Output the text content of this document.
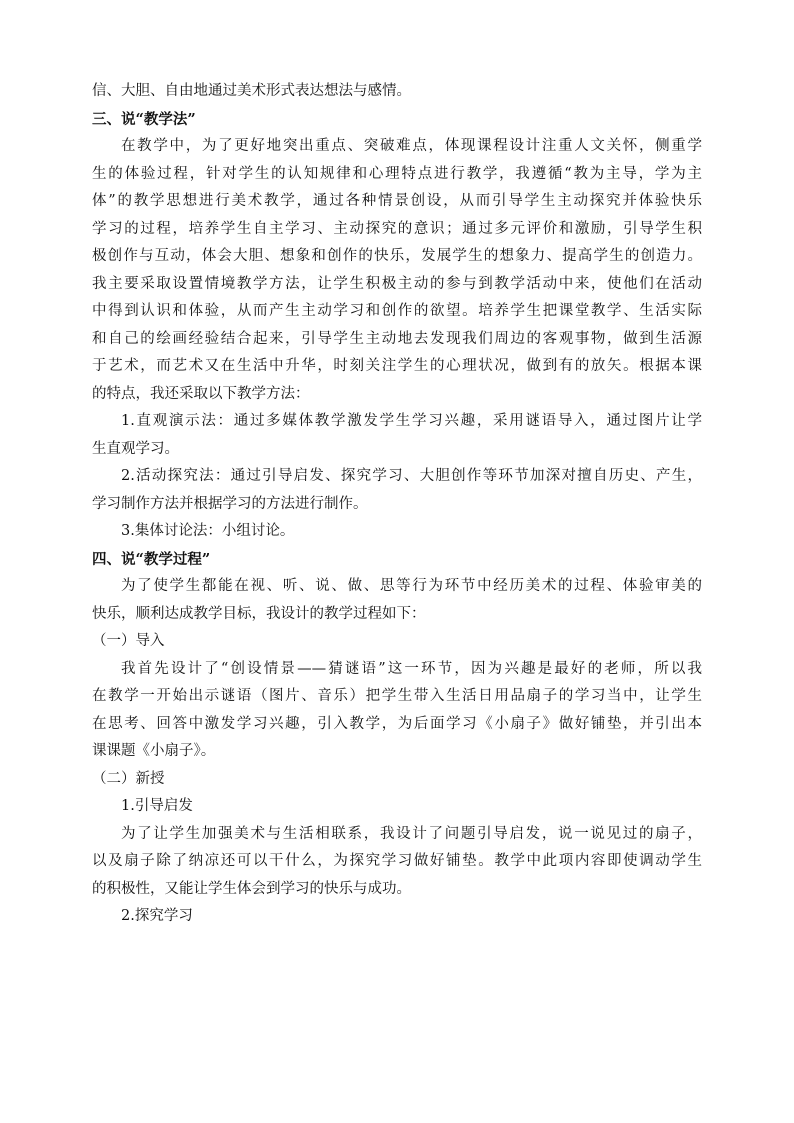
信、大胆、自由地通过美术形式表达想法与感情。
三、说“教学法”
在教学中，为了更好地突出重点、突破难点，体现课程设计注重人文关怀，侧重学
生的体验过程，针对学生的认知规律和心理特点进行教学，我遵循“教为主导，学为主
体”的教学思想进行美术教学，通过各种情景创设，从而引导学生主动探究并体验快乐
学习的过程，培养学生自主学习、主动探究的意识；通过多元评价和激励，引导学生积
极创作与互动，体会大胆、想象和创作的快乐，发展学生的想象力、提高学生的创造力。
我主要采取设置情境教学方法，让学生积极主动的参与到教学活动中来，使他们在活动
中得到认识和体验，从而产生主动学习和创作的欲望。培养学生把课堂教学、生活实际
和自己的绘画经验结合起来，引导学生主动地去发现我们周边的客观事物，做到生活源
于艺术，而艺术又在生活中升华，时刻关注学生的心理状况，做到有的放矢。根据本课
的特点，我还采取以下教学方法：
1.直观演示法：通过多媒体教学激发学生学习兴趣，采用谜语导入，通过图片让学
生直观学习。
2.活动探究法：通过引导启发、探究学习、大胆创作等环节加深对擅自历史、产生，
学习制作方法并根据学习的方法进行制作。
3.集体讨论法：小组讨论。
四、说“教学过程”
为了使学生都能在视、听、说、做、思等行为环节中经历美术的过程、体验审美的
快乐，顺利达成教学目标，我设计的教学过程如下：
（一）导入
我首先设计了“创设情景——猜谜语”这一环节，因为兴趣是最好的老师，所以我
在教学一开始出示谜语（图片、音乐）把学生带入生活日用品扇子的学习当中，让学生
在思考、回答中激发学习兴趣，引入教学，为后面学习《小扇子》做好铺垫，并引出本
课课题《小扇子》。
（二）新授
1.引导启发
为了让学生加强美术与生活相联系，我设计了问题引导启发，说一说见过的扇子，
以及扇子除了纳凉还可以干什么，为探究学习做好铺垫。教学中此项内容即使调动学生
的积极性，又能让学生体会到学习的快乐与成功。
2.探究学习
